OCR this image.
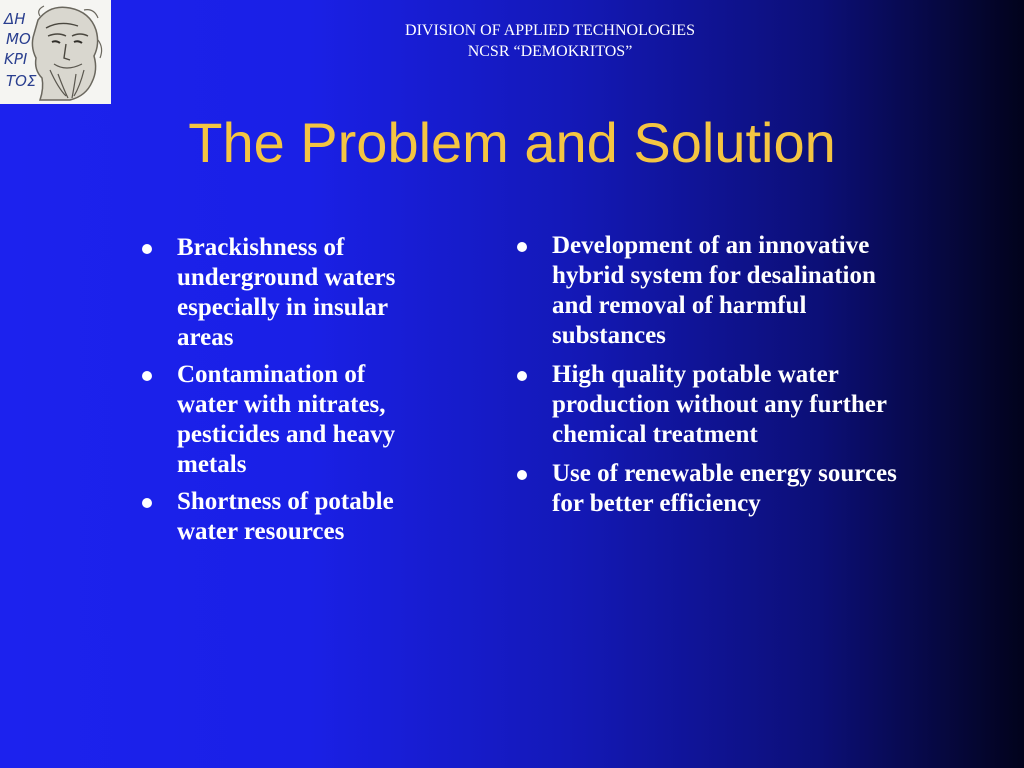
ΔΗ
ΜΟ
ΚΡΙ
ΤΟΣ
DIVISION OF APPLIED TECHNOLOGIES
NCSR “DEMOKRITOS”
The Problem and Solution
Brackishness of underground waters especially in insular areas
Contamination of water with nitrates, pesticides and heavy metals
Shortness of potable water resources
Development of an innovative hybrid system for desalination and removal of harmful substances
High quality potable water production without any further chemical treatment
Use of renewable energy sources for better efficiency
